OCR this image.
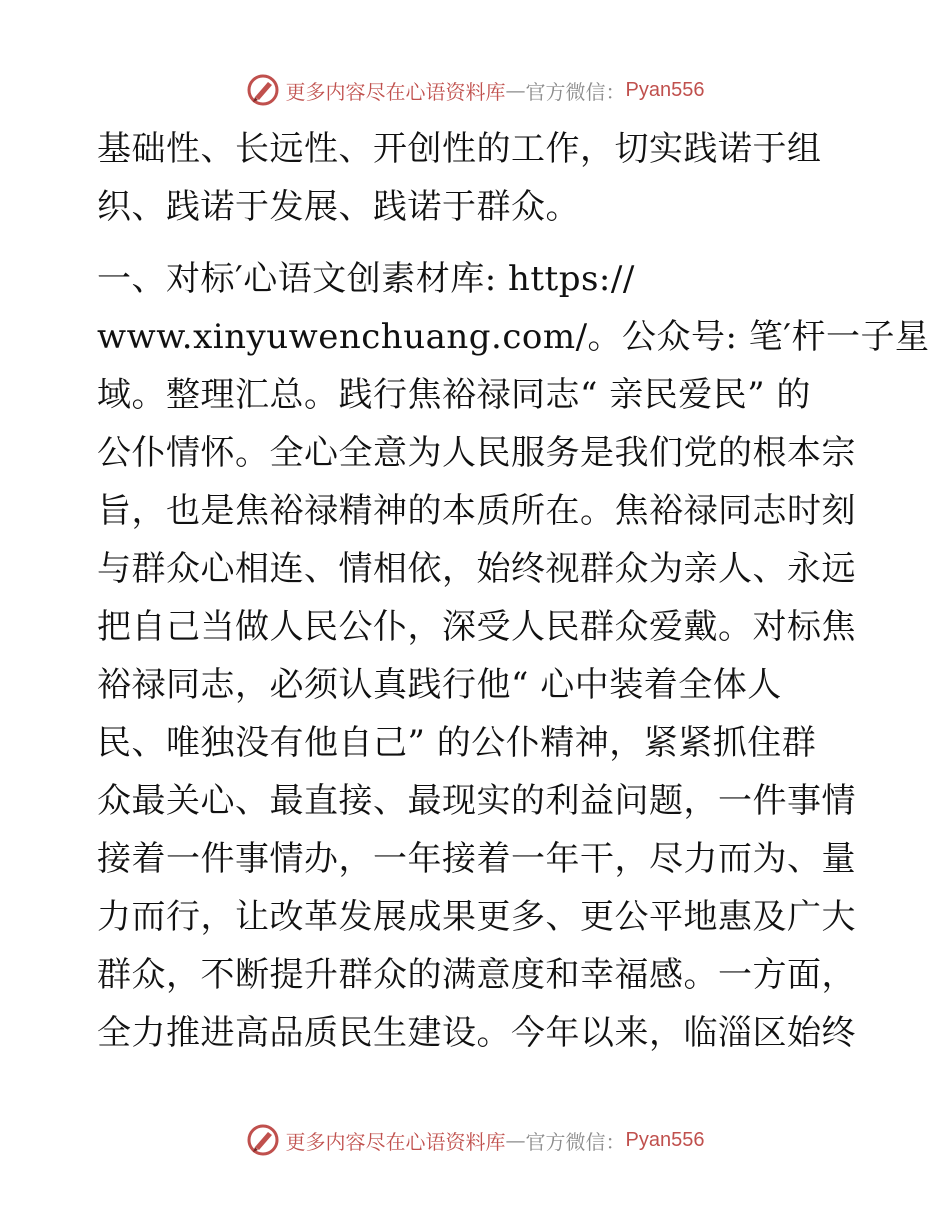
更多内容尽在心语资料库 — 官方微信： Pyan556
基础性、长远性、开创性的工作，切实践诺于组
织、践诺于发展、践诺于群众。
一、对标′心语文创素材库: https://
www.xinyuwenchuang.com/。公众号: 笔′杆一子星
域。整理汇总。践行焦裕禄同志“ 亲民爱民” 的
公仆情怀。全心全意为人民服务是我们党的根本宗
旨，也是焦裕禄精神的本质所在。焦裕禄同志时刻
与群众心相连、情相依，始终视群众为亲人、永远
把自己当做人民公仆，深受人民群众爱戴。对标焦
裕禄同志，必须认真践行他“ 心中装着全体人
民、唯独没有他自己” 的公仆精神，紧紧抓住群
众最关心、最直接、最现实的利益问题，一件事情
接着一件事情办，一年接着一年干，尽力而为、量
力而行，让改革发展成果更多、更公平地惠及广大
群众，不断提升群众的满意度和幸福感。一方面，
全力推进高品质民生建设。今年以来，临淄区始终
更多内容尽在心语资料库 — 官方微信： Pyan556
